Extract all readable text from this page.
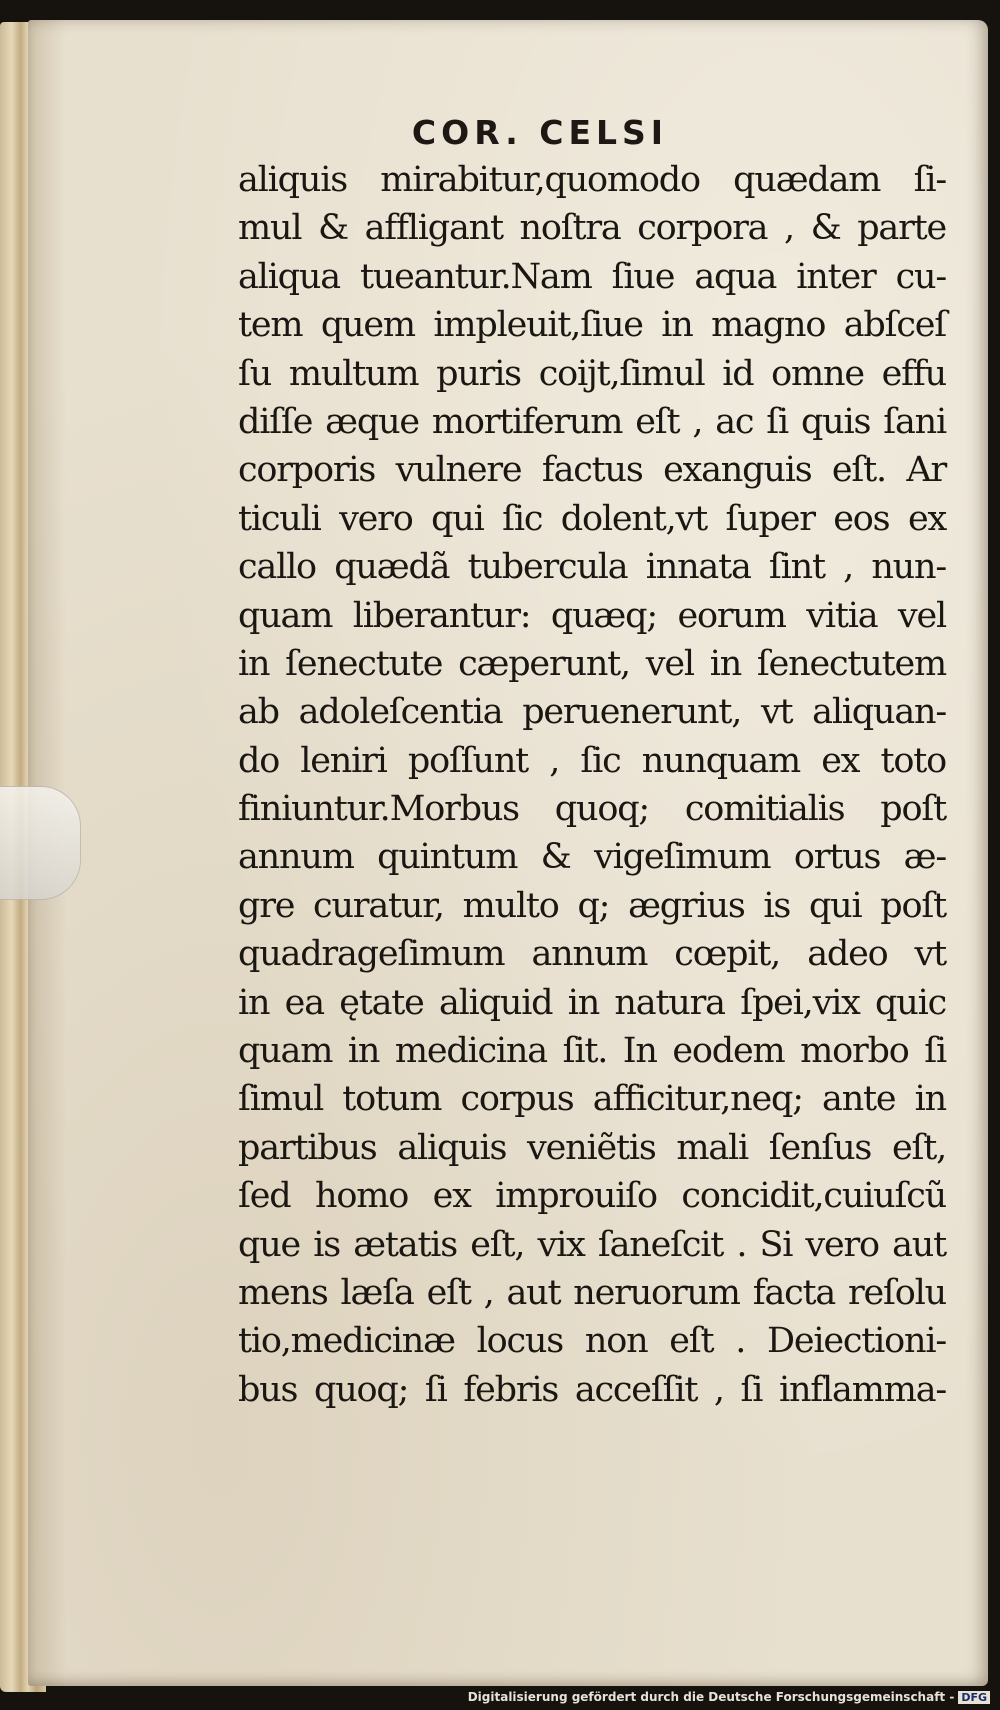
COR. CELSI
aliquis mirabitur,quomodo quædam ſi-
mul & affligant noſtra corpora , & parte
aliqua tueantur.Nam ſiue aqua inter cu-
tem quem impleuit,ſiue in magno abſceſ
ſu multum puris coijt,ſimul id omne effu
diſſe æque mortiferum eſt , ac ſi quis ſani
corporis vulnere factus exanguis eſt. Ar
ticuli vero qui ſic dolent,vt ſuper eos ex
callo quædã tubercula innata ſint , nun-
quam liberantur: quæq; eorum vitia vel
in ſenectute cæperunt, vel in ſenectutem
ab adoleſcentia peruenerunt, vt aliquan-
do leniri poſſunt , ſic nunquam ex toto
finiuntur.Morbus quoq; comitialis poſt
annum quintum & vigeſimum ortus æ-
gre curatur, multo q; ægrius is qui poſt
quadrageſimum annum cœpit, adeo vt
in ea ętate aliquid in natura ſpei,vix quic
quam in medicina ſit. In eodem morbo ſi
ſimul totum corpus afficitur,neq; ante in
partibus aliquis veniẽtis mali ſenſus eſt,
ſed homo ex improuiſo concidit,cuiuſcũ
que is ætatis eſt, vix ſaneſcit . Si vero aut
mens læſa eſt , aut neruorum facta reſolu
tio,medicinæ locus non eſt . Deiectioni-
bus quoq; ſi febris acceſſit , ſi inflamma-
Digitalisierung gefördert durch die Deutsche Forschungsgemeinschaft - DFG
